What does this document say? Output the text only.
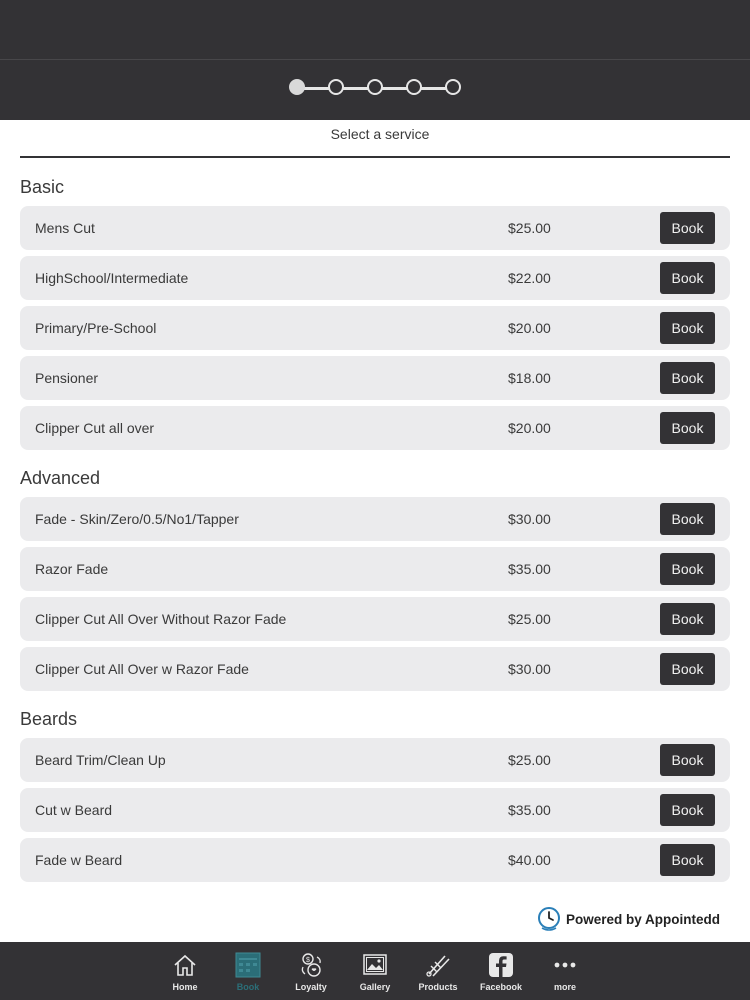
Select a service
Basic
Mens Cut	$25.00	Book
HighSchool/Intermediate	$22.00	Book
Primary/Pre-School	$20.00	Book
Pensioner	$18.00	Book
Clipper Cut all over	$20.00	Book
Advanced
Fade - Skin/Zero/0.5/No1/Tapper	$30.00	Book
Razor Fade	$35.00	Book
Clipper Cut All Over Without Razor Fade	$25.00	Book
Clipper Cut All Over w Razor Fade	$30.00	Book
Beards
Beard Trim/Clean Up	$25.00	Book
Cut w Beard	$35.00	Book
Fade w Beard	$40.00	Book
Powered by Appointedd
Home	Book
$
Loyalty	Gallery	Products	Facebook	more
